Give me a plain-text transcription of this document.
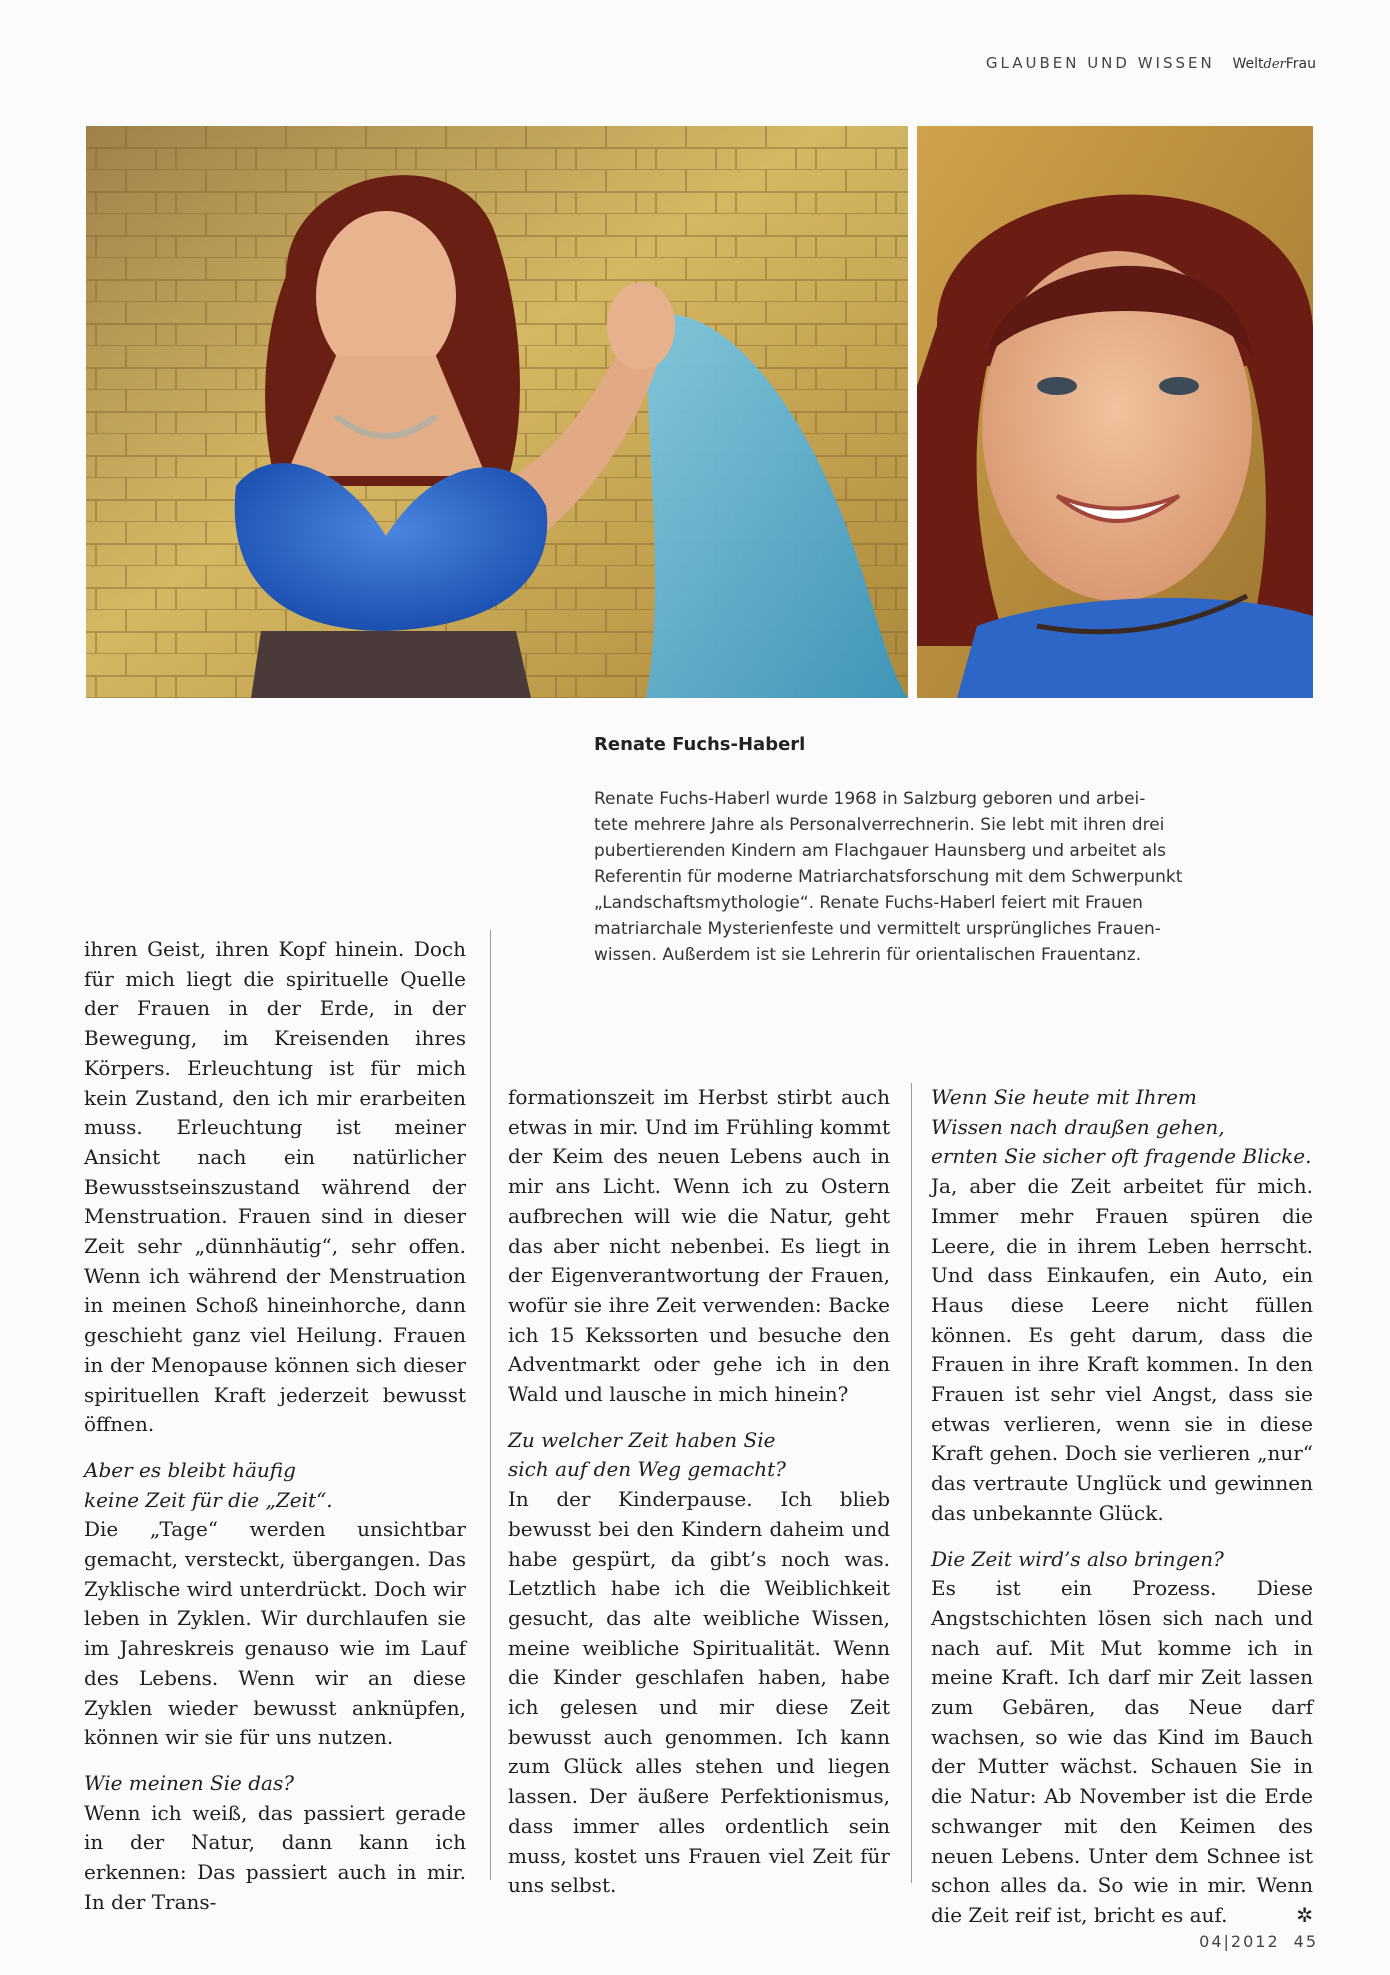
GLAUBEN UND WISSEN WeltderFrau
Renate Fuchs-Haberl
Renate Fuchs-Haberl wurde 1968 in Salzburg geboren und arbei-
tete mehrere Jahre als Personalverrechnerin. Sie lebt mit ihren drei
pubertierenden Kindern am Flachgauer Haunsberg und arbeitet als
Referentin für moderne Matriarchatsforschung mit dem Schwerpunkt
„Landschaftsmythologie“. Renate Fuchs-Haberl feiert mit Frauen
matriarchale Mysterienfeste und vermittelt ursprüngliches Frauen-
wissen. Außerdem ist sie Lehrerin für orientalischen Frauentanz.

ihren Geist, ihren Kopf hinein. Doch für mich liegt die spirituelle Quelle der Frauen in der Erde, in der Bewegung, im Kreisenden ihres Körpers. Erleuchtung ist für mich kein Zustand, den ich mir erarbeiten muss. Erleuchtung ist meiner Ansicht nach ein natürlicher Bewusstseinszustand während der Menstruation. Frauen sind in dieser Zeit sehr „dünnhäutig“, sehr offen. Wenn ich während der Menstruation in meinen Schoß hineinhorche, dann geschieht ganz viel Heilung. Frauen in der Menopause können sich dieser spirituellen Kraft jederzeit bewusst öffnen.

Aber es bleibt häufig
keine Zeit für die „Zeit“.

Die „Tage“ werden unsichtbar gemacht, versteckt, übergangen. Das Zyklische wird unterdrückt. Doch wir leben in Zyklen. Wir durchlaufen sie im Jahreskreis genauso wie im Lauf des Lebens. Wenn wir an diese Zyklen wieder bewusst anknüpfen, können wir sie für uns nutzen.

Wie meinen Sie das?

Wenn ich weiß, das passiert gerade in der Natur, dann kann ich erkennen: Das passiert auch in mir. In der Trans-

formationszeit im Herbst stirbt auch etwas in mir. Und im Frühling kommt der Keim des neuen Lebens auch in mir ans Licht. Wenn ich zu Ostern aufbrechen will wie die Natur, geht das aber nicht nebenbei. Es liegt in der Eigenverantwortung der Frauen, wofür sie ihre Zeit verwenden: Backe ich 15 Kekssorten und besuche den Adventmarkt oder gehe ich in den Wald und lausche in mich hinein?

Zu welcher Zeit haben Sie
sich auf den Weg gemacht?

In der Kinderpause. Ich blieb bewusst bei den Kindern daheim und habe gespürt, da gibt’s noch was. Letztlich habe ich die Weiblichkeit gesucht, das alte weibliche Wissen, meine weibliche Spiritualität. Wenn die Kinder geschlafen haben, habe ich gelesen und mir diese Zeit bewusst auch genommen. Ich kann zum Glück alles stehen und liegen lassen. Der äußere Perfektionismus, dass immer alles ordentlich sein muss, kostet uns Frauen viel Zeit für uns selbst.

Wenn Sie heute mit Ihrem
Wissen nach draußen gehen,
ernten Sie sicher oft fragende Blicke.

Ja, aber die Zeit arbeitet für mich. Immer mehr Frauen spüren die Leere, die in ihrem Leben herrscht. Und dass Einkaufen, ein Auto, ein Haus diese Leere nicht füllen können. Es geht darum, dass die Frauen in ihre Kraft kommen. In den Frauen ist sehr viel Angst, dass sie etwas verlieren, wenn sie in diese Kraft gehen. Doch sie verlieren „nur“ das vertraute Unglück und gewinnen das unbekannte Glück.

Die Zeit wird’s also bringen?

Es ist ein Prozess. Diese Angstschichten lösen sich nach und nach auf. Mit Mut komme ich in meine Kraft. Ich darf mir Zeit lassen zum Gebären, das Neue darf wachsen, so wie das Kind im Bauch der Mutter wächst. Schauen Sie in die Natur: Ab November ist die Erde schwanger mit den Keimen des neuen Lebens. Unter dem Schnee ist schon alles da. So wie in mir. Wenn die Zeit reif ist, bricht es auf.	✲

04|2012 45
